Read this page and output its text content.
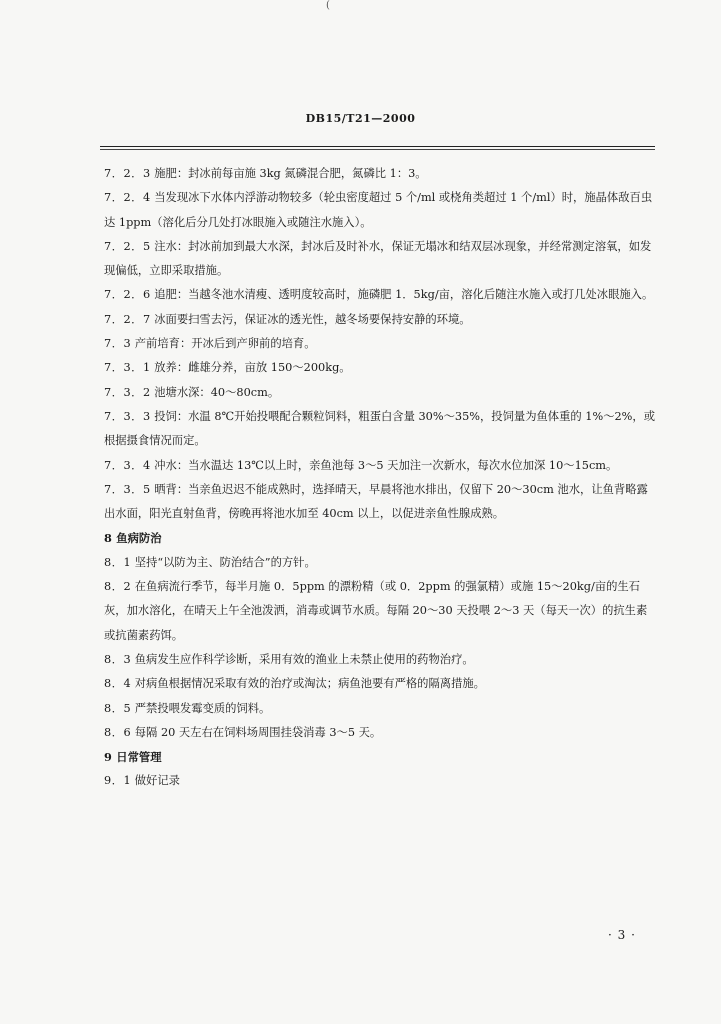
(
DB15/T21—2000

7．2．3 施肥：封冰前每亩施 3kg 氮磷混合肥，氮磷比 1：3。

7．2．4 当发现冰下水体内浮游动物较多（轮虫密度超过 5 个/ml 或桡角类超过 1 个/ml）时，施晶体敌百虫达 1ppm（溶化后分几处打冰眼施入或随注水施入）。

7．2．5 注水：封冰前加到最大水深，封冰后及时补水，保证无塌冰和结双层冰现象，并经常测定溶氧，如发现偏低，立即采取措施。

7．2．6 追肥：当越冬池水清瘦、透明度较高时，施磷肥 1．5kg/亩，溶化后随注水施入或打几处冰眼施入。

7．2．7 冰面要扫雪去污，保证冰的透光性，越冬场要保持安静的环境。

7．3 产前培育：开冰后到产卵前的培育。

7．3．1 放养：雌雄分养，亩放 150～200kg。

7．3．2 池塘水深：40～80cm。

7．3．3 投饲：水温 8℃开始投喂配合颗粒饲料，粗蛋白含量 30%～35%，投饲量为鱼体重的 1%～2%，或根据摄食情况而定。

7．3．4 冲水：当水温达 13℃以上时，亲鱼池每 3～5 天加注一次新水，每次水位加深 10～15cm。

7．3．5 晒背：当亲鱼迟迟不能成熟时，选择晴天，早晨将池水排出，仅留下 20～30cm 池水，让鱼背略露出水面，阳光直射鱼背，傍晚再将池水加至 40cm 以上，以促进亲鱼性腺成熟。

8 鱼病防治

8．1 坚持“以防为主、防治结合”的方针。

8．2 在鱼病流行季节，每半月施 0．5ppm 的漂粉精（或 0．2ppm 的强氯精）或施 15～20kg/亩的生石灰，加水溶化，在晴天上午全池泼洒，消毒或调节水质。每隔 20～30 天投喂 2～3 天（每天一次）的抗生素或抗菌素药饵。

8．3 鱼病发生应作科学诊断，采用有效的渔业上未禁止使用的药物治疗。

8．4 对病鱼根据情况采取有效的治疗或淘汰；病鱼池要有严格的隔离措施。

8．5 严禁投喂发霉变质的饲料。

8．6 每隔 20 天左右在饲料场周围挂袋消毒 3～5 天。

9 日常管理

9．1 做好记录

· 3 ·
